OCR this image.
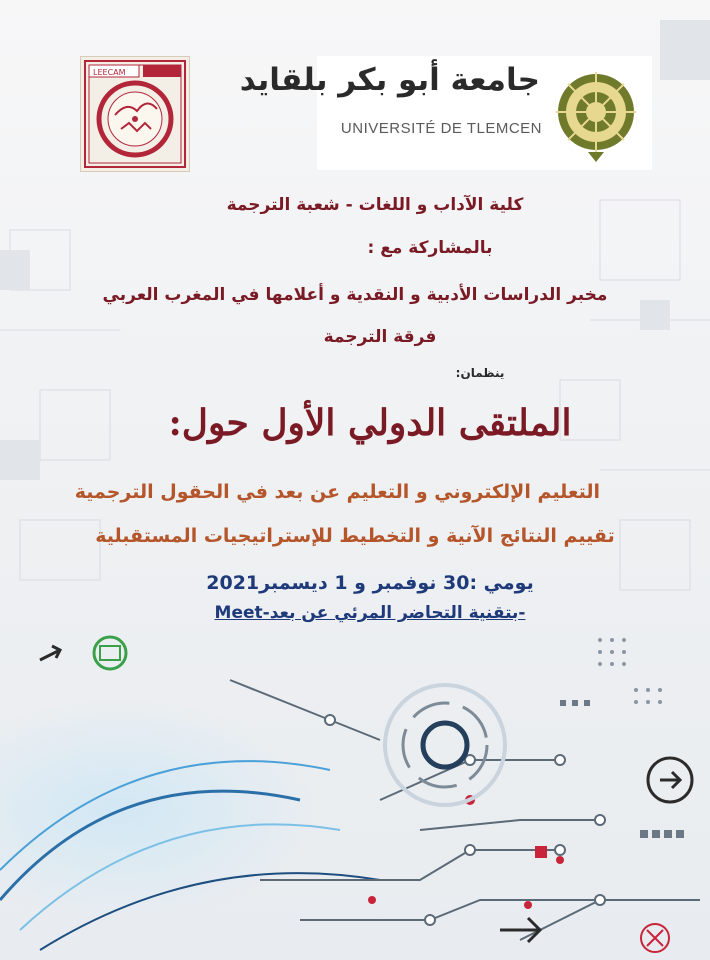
LEECAM	جامعة أبو بكر بلقايد
UNIVERSITÉ DE TLEMCEN
كلية الآداب و اللغات - شعبة الترجمة
بالمشاركة مع :
مخبر الدراسات الأدبية و النقدية و أعلامها في المغرب العربي
فرقة الترجمة
ينظمان:
الملتقى الدولي الأول حول:
التعليم الإلكتروني و التعليم عن بعد في الحقول الترجمية
تقييم النتائج الآنية و التخطيط للإستراتيجيات المستقبلية
يومي :30 نوفمبر و 1 ديسمبر2021
-بتقنية التحاضر المرئي عن بعد-Meet
